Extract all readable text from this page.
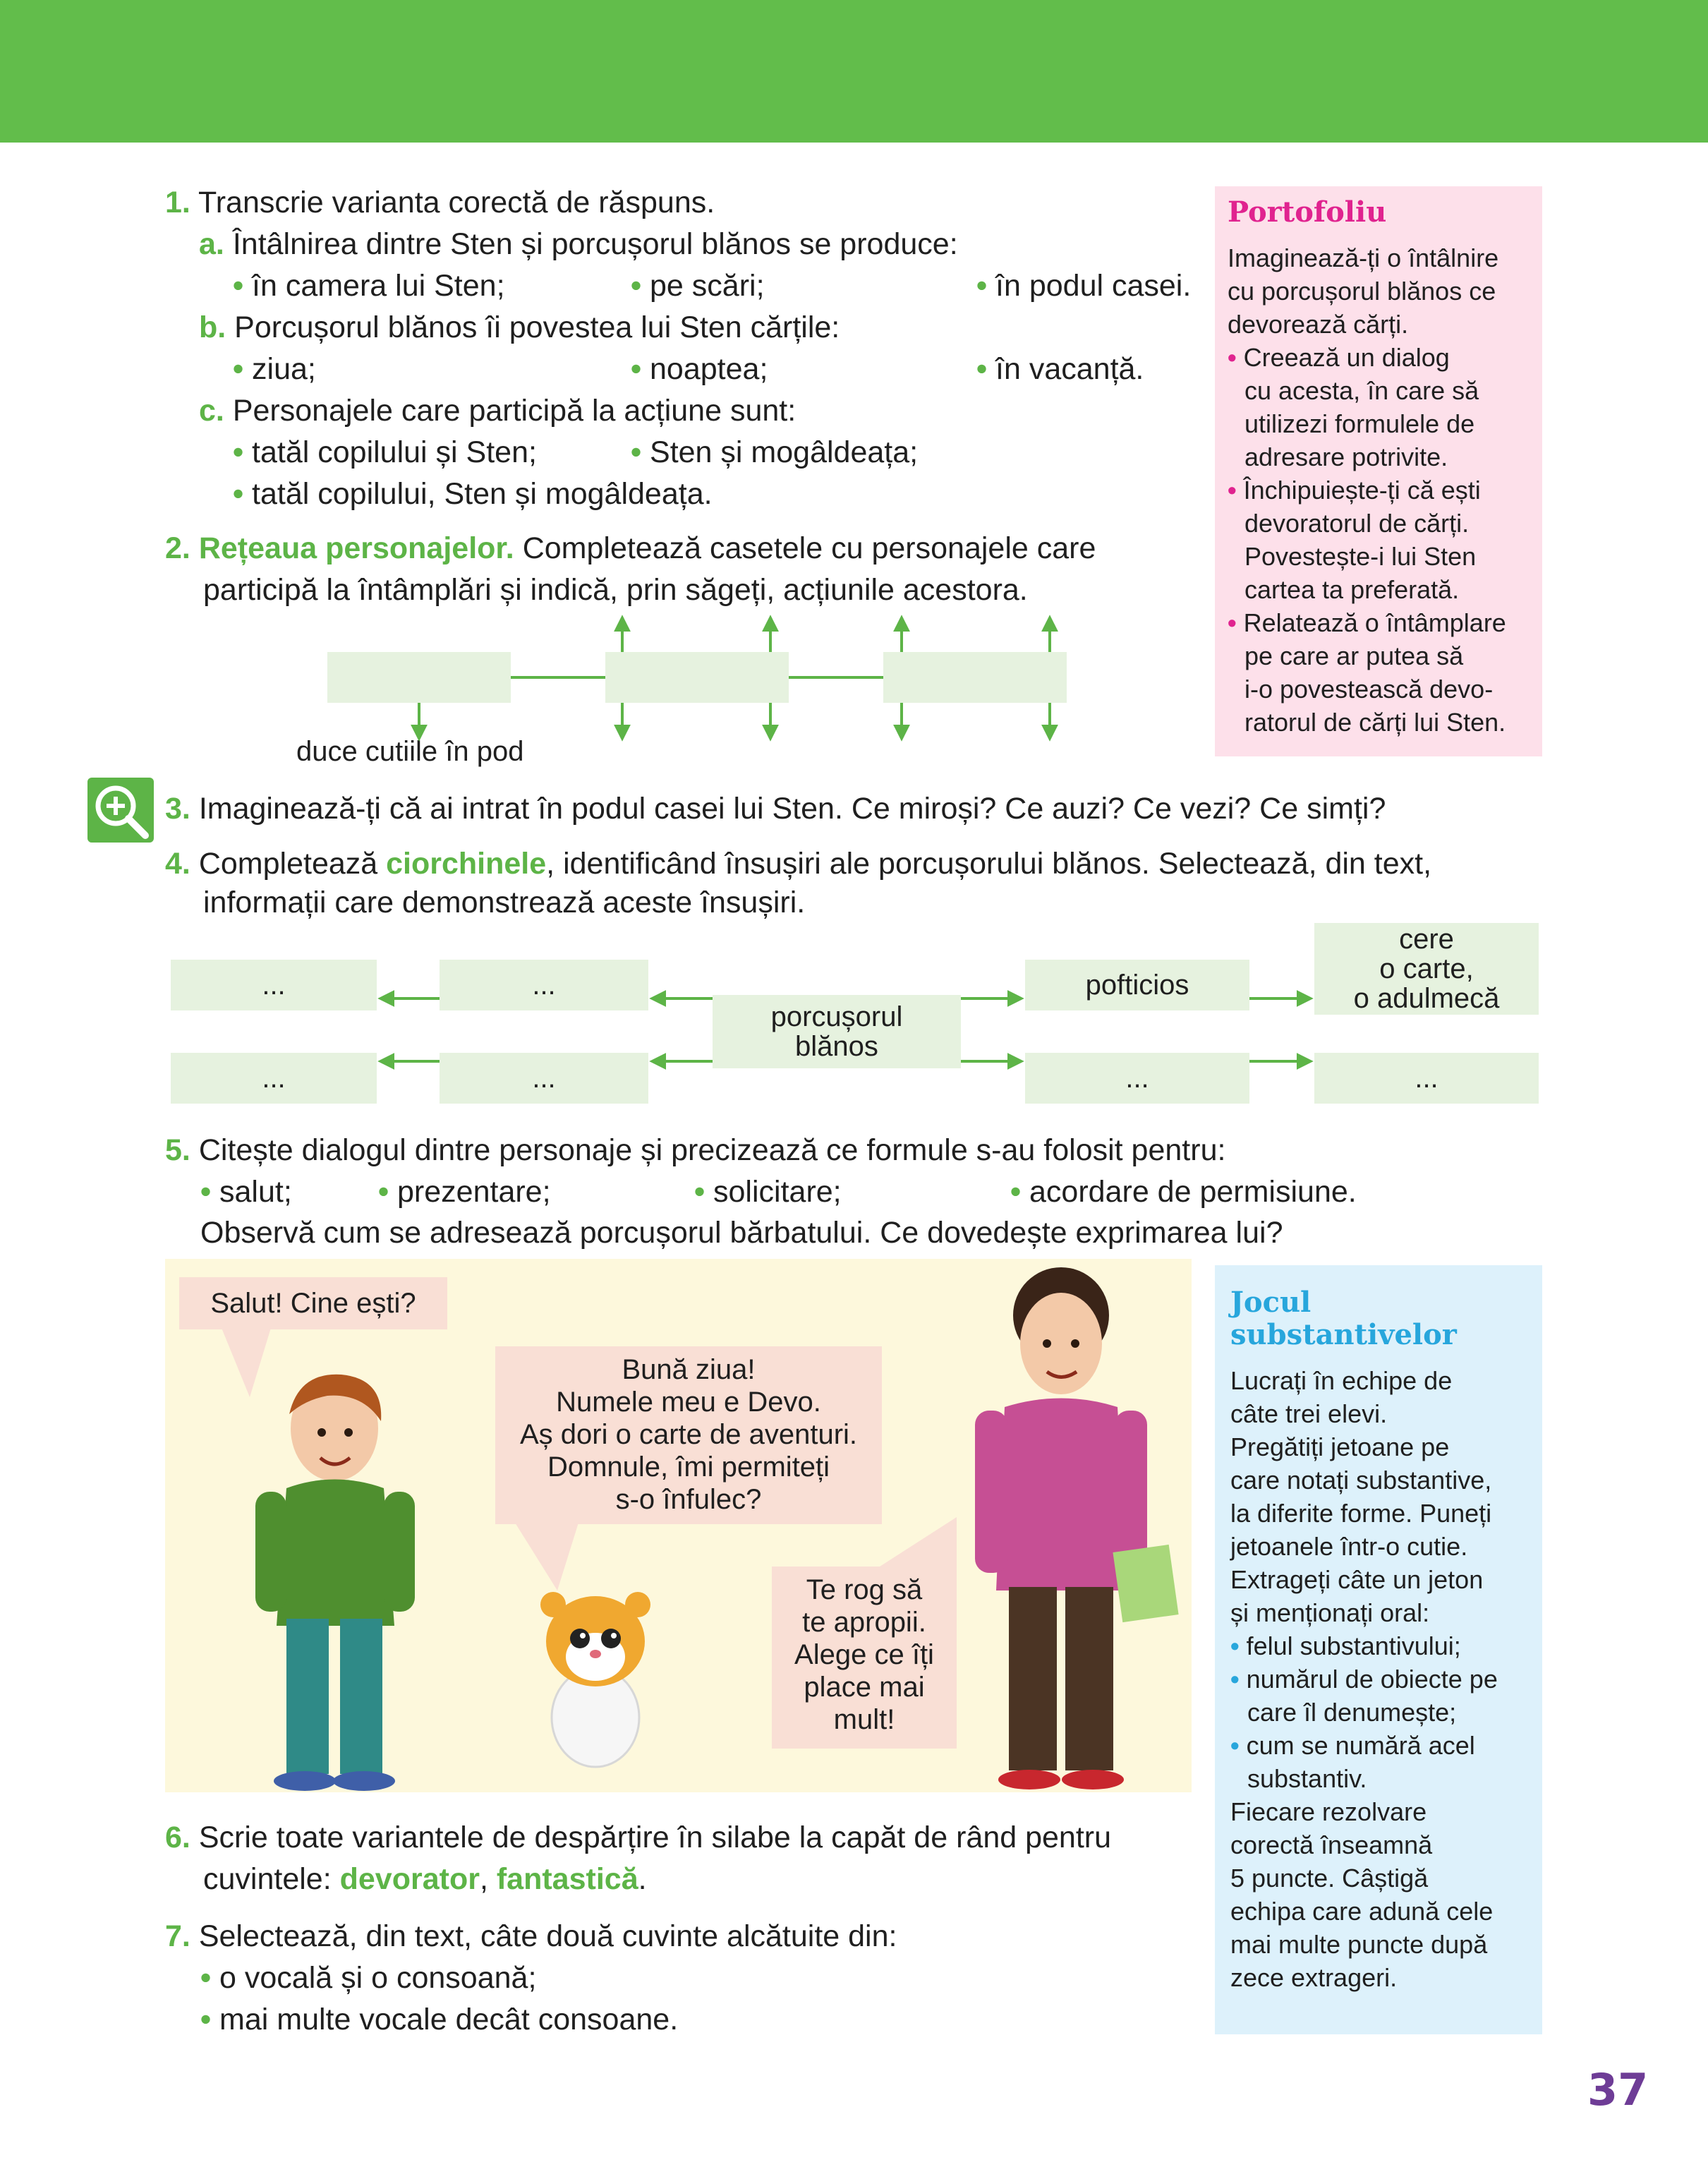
1. Transcrie varianta corectă de răspuns.
a. Întâlnirea dintre Sten și porcușorul blănos se produce:
• în camera lui Sten;	• pe scări;	• în podul casei.
b. Porcușorul blănos îi povestea lui Sten cărțile:
• ziua;	• noaptea;	• în vacanță.
c. Personajele care participă la acțiune sunt:
• tatăl copilului și Sten;	• Sten și mogâldeața;
• tatăl copilului, Sten și mogâldeața.
2. Rețeaua personajelor. Completează casetele cu personajele care
participă la întâmplări și indică, prin săgeți, acțiunile acestora.
duce cutiile în pod
Portofoliu

Imaginează-ți o întâlnire
cu porcușorul blănos ce
devorează cărți.

• Creează un dialog
cu acesta, în care să
utilizezi formulele de
adresare potrivite.

• Închipuiește-ți că ești
devoratorul de cărți.
Povestește-i lui Sten
cartea ta preferată.

• Relatează o întâmplare
pe care ar putea să
i-o povestească devo-
ratorul de cărți lui Sten.

3. Imaginează-ți că ai intrat în podul casei lui Sten. Ce miroși? Ce auzi? Ce vezi? Ce simți?
4. Completează ciorchinele, identificând însușiri ale porcușorului blănos. Selectează, din text,
informații care demonstrează aceste însușiri.
...	...
...	...
porcușorul
blănos
pofticios
cere
o carte,
o adulmecă
...	...
5. Citește dialogul dintre personaje și precizează ce formule s-au folosit pentru:
• salut;	• prezentare;	• solicitare;	• acordare de permisiune.
Observă cum se adresează porcușorul bărbatului. Ce dovedește exprimarea lui?
Salut! Cine ești?
Bună ziua!
Numele meu e Devo.
Aș dori o carte de aventuri.
Domnule, îmi permiteți
s-o înfulec?
Te rog să
te apropii.
Alege ce îți
place mai
mult!
Jocul
substantivelor

Lucrați în echipe de
câte trei elevi.
Pregătiți jetoane pe
care notați substantive,
la diferite forme. Puneți
jetoanele într-o cutie.
Extrageți câte un jeton
și menționați oral:

• felul substantivului;

• numărul de obiecte pe
care îl denumește;

• cum se numără acel
substantiv.

Fiecare rezolvare
corectă înseamnă
5 puncte. Câștigă
echipa care adună cele
mai multe puncte după
zece extrageri.

6. Scrie toate variantele de despărțire în silabe la capăt de rând pentru
cuvintele: devorator, fantastică.
7. Selectează, din text, câte două cuvinte alcătuite din:
• o vocală și o consoană;
• mai multe vocale decât consoane.
37
